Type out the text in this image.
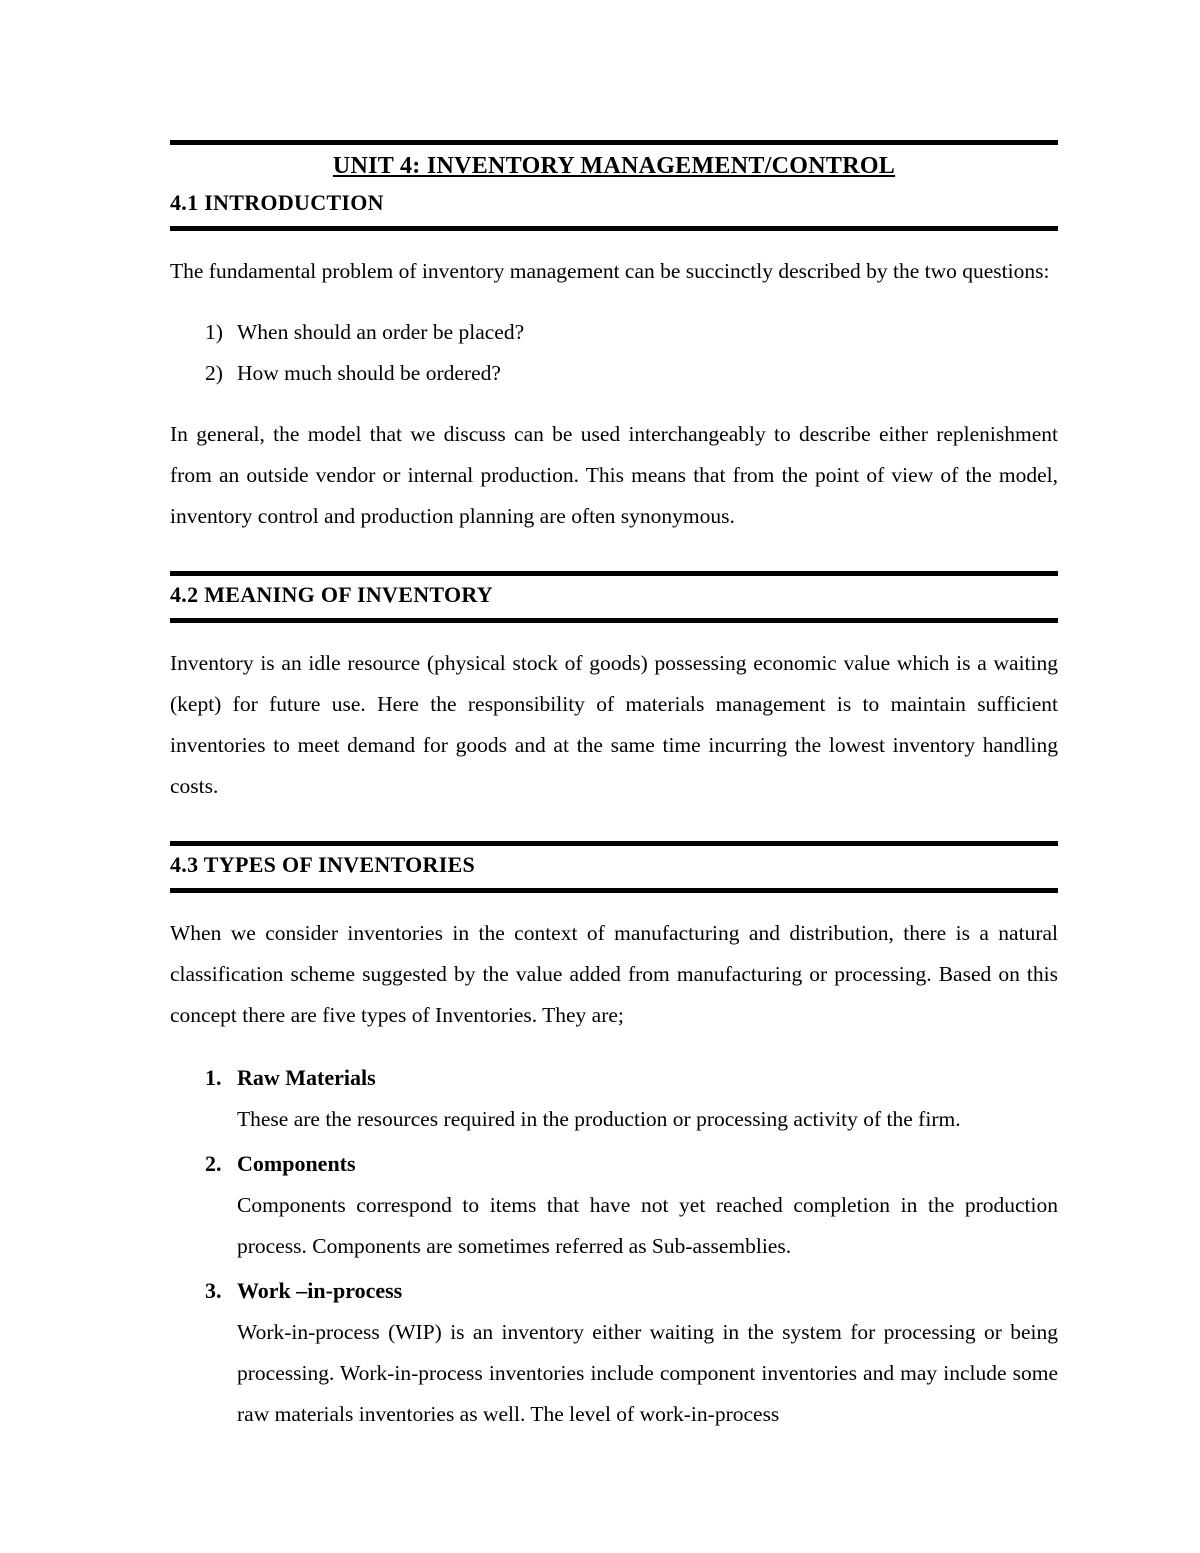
UNIT 4: INVENTORY MANAGEMENT/CONTROL
4.1 INTRODUCTION

The fundamental problem of inventory management can be succinctly described by the two questions:

1) When should an order be placed?
2) How much should be ordered?

In general, the model that we discuss can be used interchangeably to describe either replenishment from an outside vendor or internal production. This means that from the point of view of the model, inventory control and production planning are often synonymous.

4.2 MEANING OF INVENTORY

Inventory is an idle resource (physical stock of goods) possessing economic value which is a waiting (kept) for future use. Here the responsibility of materials management is to maintain sufficient inventories to meet demand for goods and at the same time incurring the lowest inventory handling costs.

4.3 TYPES OF INVENTORIES

When we consider inventories in the context of manufacturing and distribution, there is a natural classification scheme suggested by the value added from manufacturing or processing. Based on this concept there are five types of Inventories. They are;

1. Raw Materials

These are the resources required in the production or processing activity of the firm.

2. Components

Components correspond to items that have not yet reached completion in the production process. Components are sometimes referred as Sub-assemblies.

3. Work –in-process

Work-in-process (WIP) is an inventory either waiting in the system for processing or being processing. Work-in-process inventories include component inventories and may include some raw materials inventories as well. The level of work-in-process
